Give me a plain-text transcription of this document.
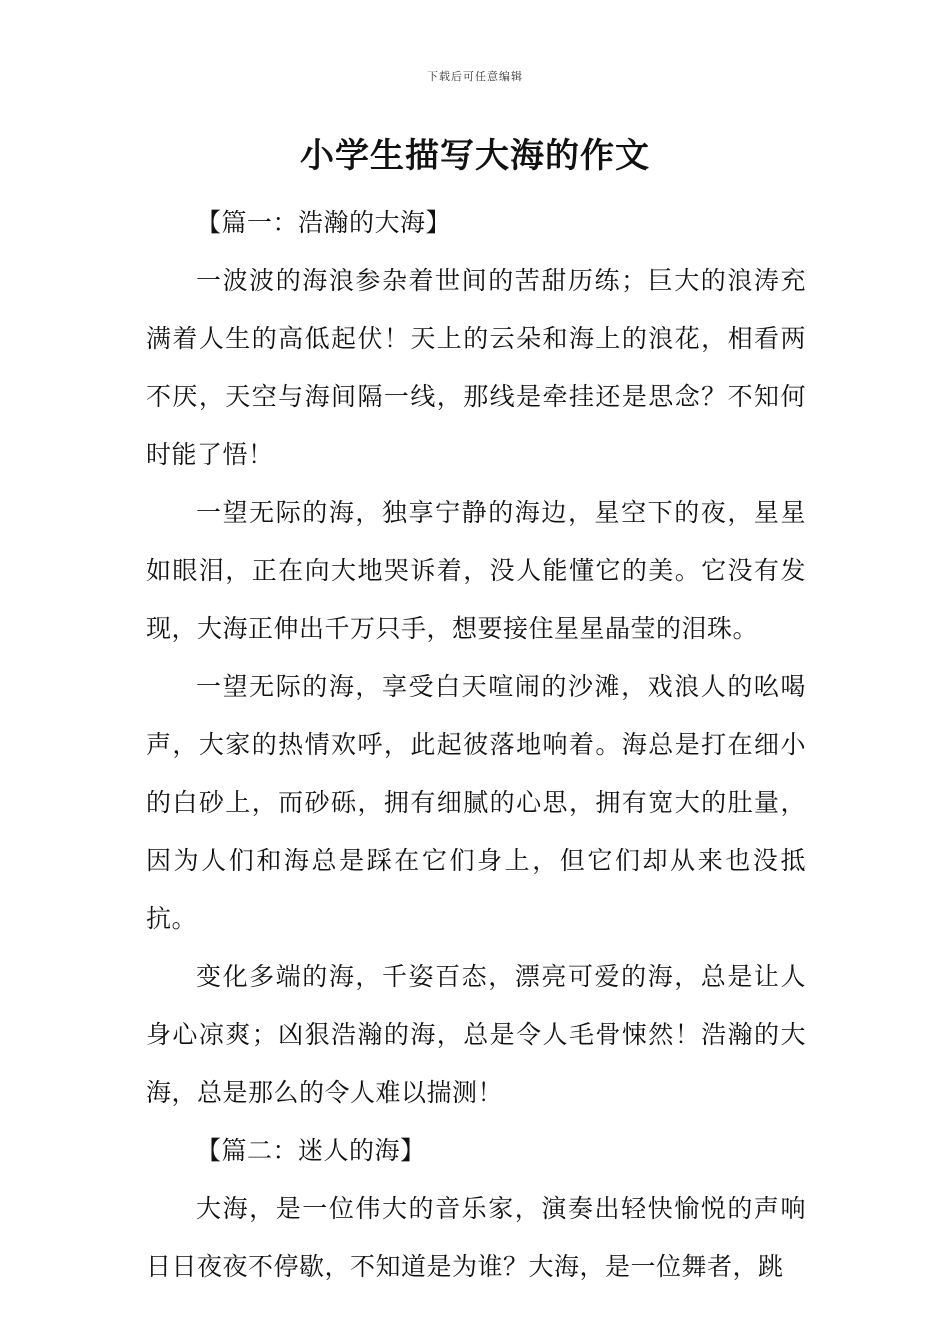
下载后可任意编辑
小学生描写大海的作文

【篇一：浩瀚的大海】

一波波的海浪参杂着世间的苦甜历练；巨大的浪涛充满着人生的高低起伏！天上的云朵和海上的浪花，相看两不厌，天空与海间隔一线，那线是牵挂还是思念？不知何时能了悟！

一望无际的海，独享宁静的海边，星空下的夜，星星如眼泪，正在向大地哭诉着，没人能懂它的美。它没有发现，大海正伸出千万只手，想要接住星星晶莹的泪珠。

一望无际的海，享受白天喧闹的沙滩，戏浪人的吆喝声，大家的热情欢呼，此起彼落地响着。海总是打在细小的白砂上，而砂砾，拥有细腻的心思，拥有宽大的肚量，因为人们和海总是踩在它们身上，但它们却从来也没抵抗。

变化多端的海，千姿百态，漂亮可爱的海，总是让人身心凉爽；凶狠浩瀚的海，总是令人毛骨悚然！浩瀚的大海，总是那么的令人难以揣测！

【篇二：迷人的海】

大海，是一位伟大的音乐家，演奏出轻快愉悦的声响日日夜夜不停歇，不知道是为谁？大海，是一位舞者，跳
